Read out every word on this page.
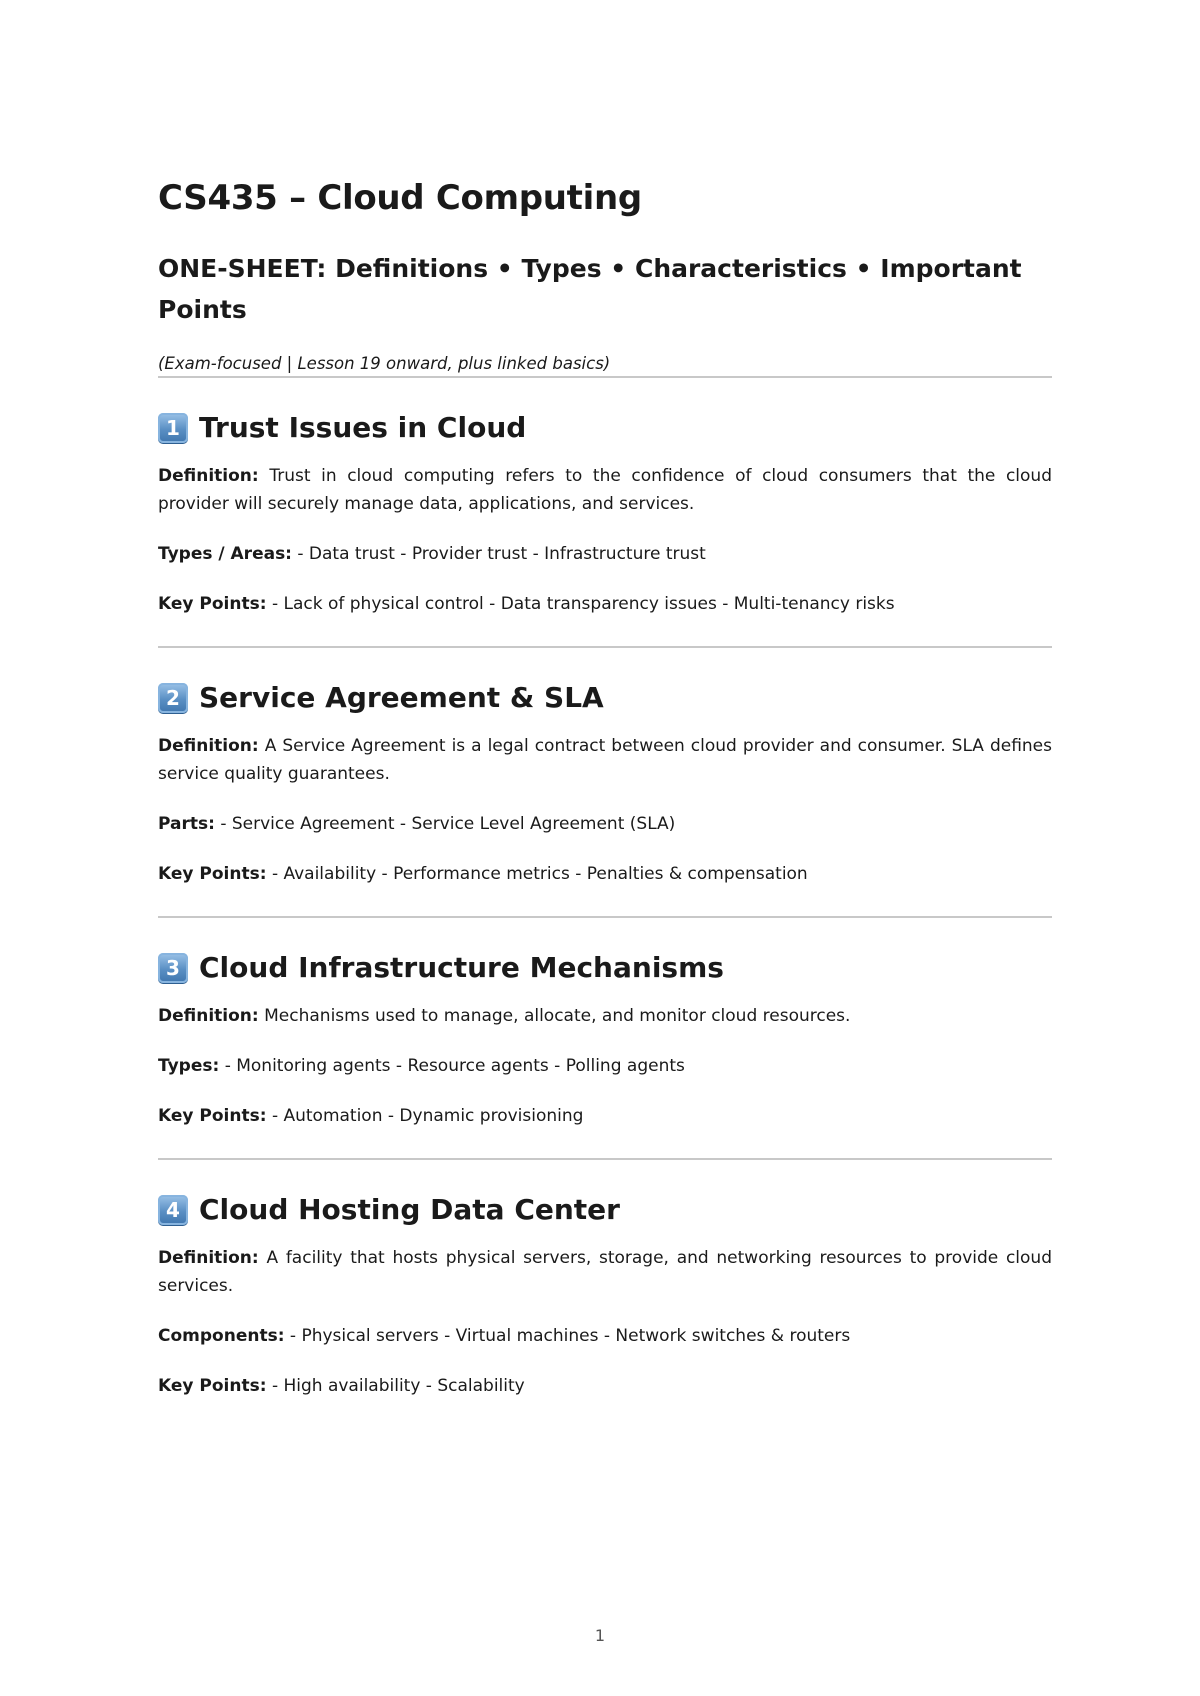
CS435 – Cloud Computing
ONE-SHEET: Definitions • Types • Characteristics • Important Points

(Exam-focused | Lesson 19 onward, plus linked basics)

1 Trust Issues in Cloud

Definition: Trust in cloud computing refers to the confidence of cloud consumers that the cloud provider will securely manage data, applications, and services.

Types / Areas: - Data trust - Provider trust - Infrastructure trust

Key Points: - Lack of physical control - Data transparency issues - Multi-tenancy risks

2 Service Agreement & SLA

Definition: A Service Agreement is a legal contract between cloud provider and consumer. SLA defines service quality guarantees.

Parts: - Service Agreement - Service Level Agreement (SLA)

Key Points: - Availability - Performance metrics - Penalties & compensation

3 Cloud Infrastructure Mechanisms

Definition: Mechanisms used to manage, allocate, and monitor cloud resources.

Types: - Monitoring agents - Resource agents - Polling agents

Key Points: - Automation - Dynamic provisioning

4 Cloud Hosting Data Center

Definition: A facility that hosts physical servers, storage, and networking resources to provide cloud services.

Components: - Physical servers - Virtual machines - Network switches & routers

Key Points: - High availability - Scalability

1
